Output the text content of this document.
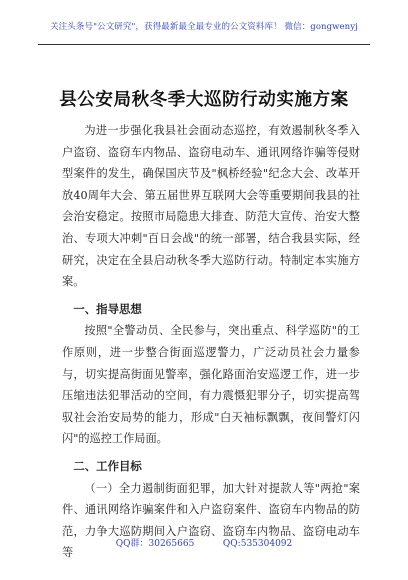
关注头条号"公文研究"，获得最新最全最专业的公文资料库！ 微信：gongwenyj
县公安局秋冬季大巡防行动实施方案

为进一步强化我县社会面动态巡控，有效遏制秋冬季入户盗窃、盗窃车内物品、盗窃电动车、通讯网络诈骗等侵财型案件的发生，确保国庆节及"枫桥经验"纪念大会、改革开放40周年大会、第五届世界互联网大会等重要期间我县的社会治安稳定。按照市局隐患大排查、防范大宣传、治安大整治、专项大冲刺"百日会战"的统一部署，结合我县实际，经研究，决定在全县启动秋冬季大巡防行动。特制定本实施方案。

一、指导思想

按照"全警动员、全民参与，突出重点、科学巡防"的工作原则，进一步整合街面巡逻警力，广泛动员社会力量参与，切实提高街面见警率，强化路面治安巡逻工作，进一步压缩违法犯罪活动的空间，有力震慑犯罪分子，切实提高驾驭社会治安局势的能力，形成"白天袖标飘飘，夜间警灯闪闪"的巡控工作局面。

二、工作目标

（一）全力遏制街面犯罪，加大针对提款人等"两抢"案件、通讯网络诈骗案件和入户盗窃案件、盗窃车内物品的防范，力争大巡防期间入户盗窃、盗窃车内物品、盗窃电动车等

QQ群：30265665          QQ:535304092
